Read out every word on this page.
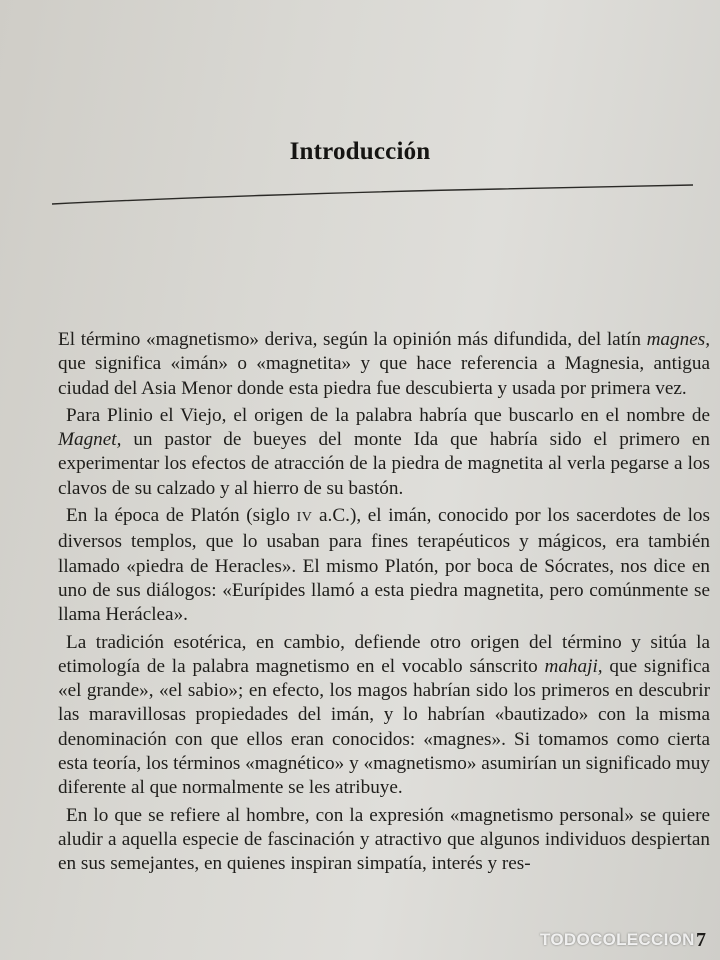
Introducción

El término «magnetismo» deriva, según la opinión más difundida, del latín magnes, que significa «imán» o «magnetita» y que hace referencia a Magnesia, antigua ciudad del Asia Menor donde esta piedra fue descubierta y usada por primera vez.

Para Plinio el Viejo, el origen de la palabra habría que buscarlo en el nombre de Magnet, un pastor de bueyes del monte Ida que habría sido el primero en experimentar los efectos de atracción de la piedra de magnetita al verla pegarse a los clavos de su calzado y al hierro de su bastón.

En la época de Platón (siglo IV a.C.), el imán, conocido por los sacerdotes de los diversos templos, que lo usaban para fines terapéuticos y mágicos, era también llamado «piedra de Heracles». El mismo Platón, por boca de Sócrates, nos dice en uno de sus diálogos: «Eurípides llamó a esta piedra magnetita, pero comúnmente se llama Heráclea».

La tradición esotérica, en cambio, defiende otro origen del término y sitúa la etimología de la palabra magnetismo en el vocablo sánscrito mahaji, que significa «el grande», «el sabio»; en efecto, los magos habrían sido los primeros en descubrir las maravillosas propiedades del imán, y lo habrían «bautizado» con la misma denominación con que ellos eran conocidos: «magnes». Si tomamos como cierta esta teoría, los términos «magnético» y «magnetismo» asumirían un significado muy diferente al que normalmente se les atribuye.

En lo que se refiere al hombre, con la expresión «magnetismo personal» se quiere aludir a aquella especie de fascinación y atractivo que algunos individuos despiertan en sus semejantes, en quienes inspiran simpatía, interés y res-

TODOCOLECCION 7
